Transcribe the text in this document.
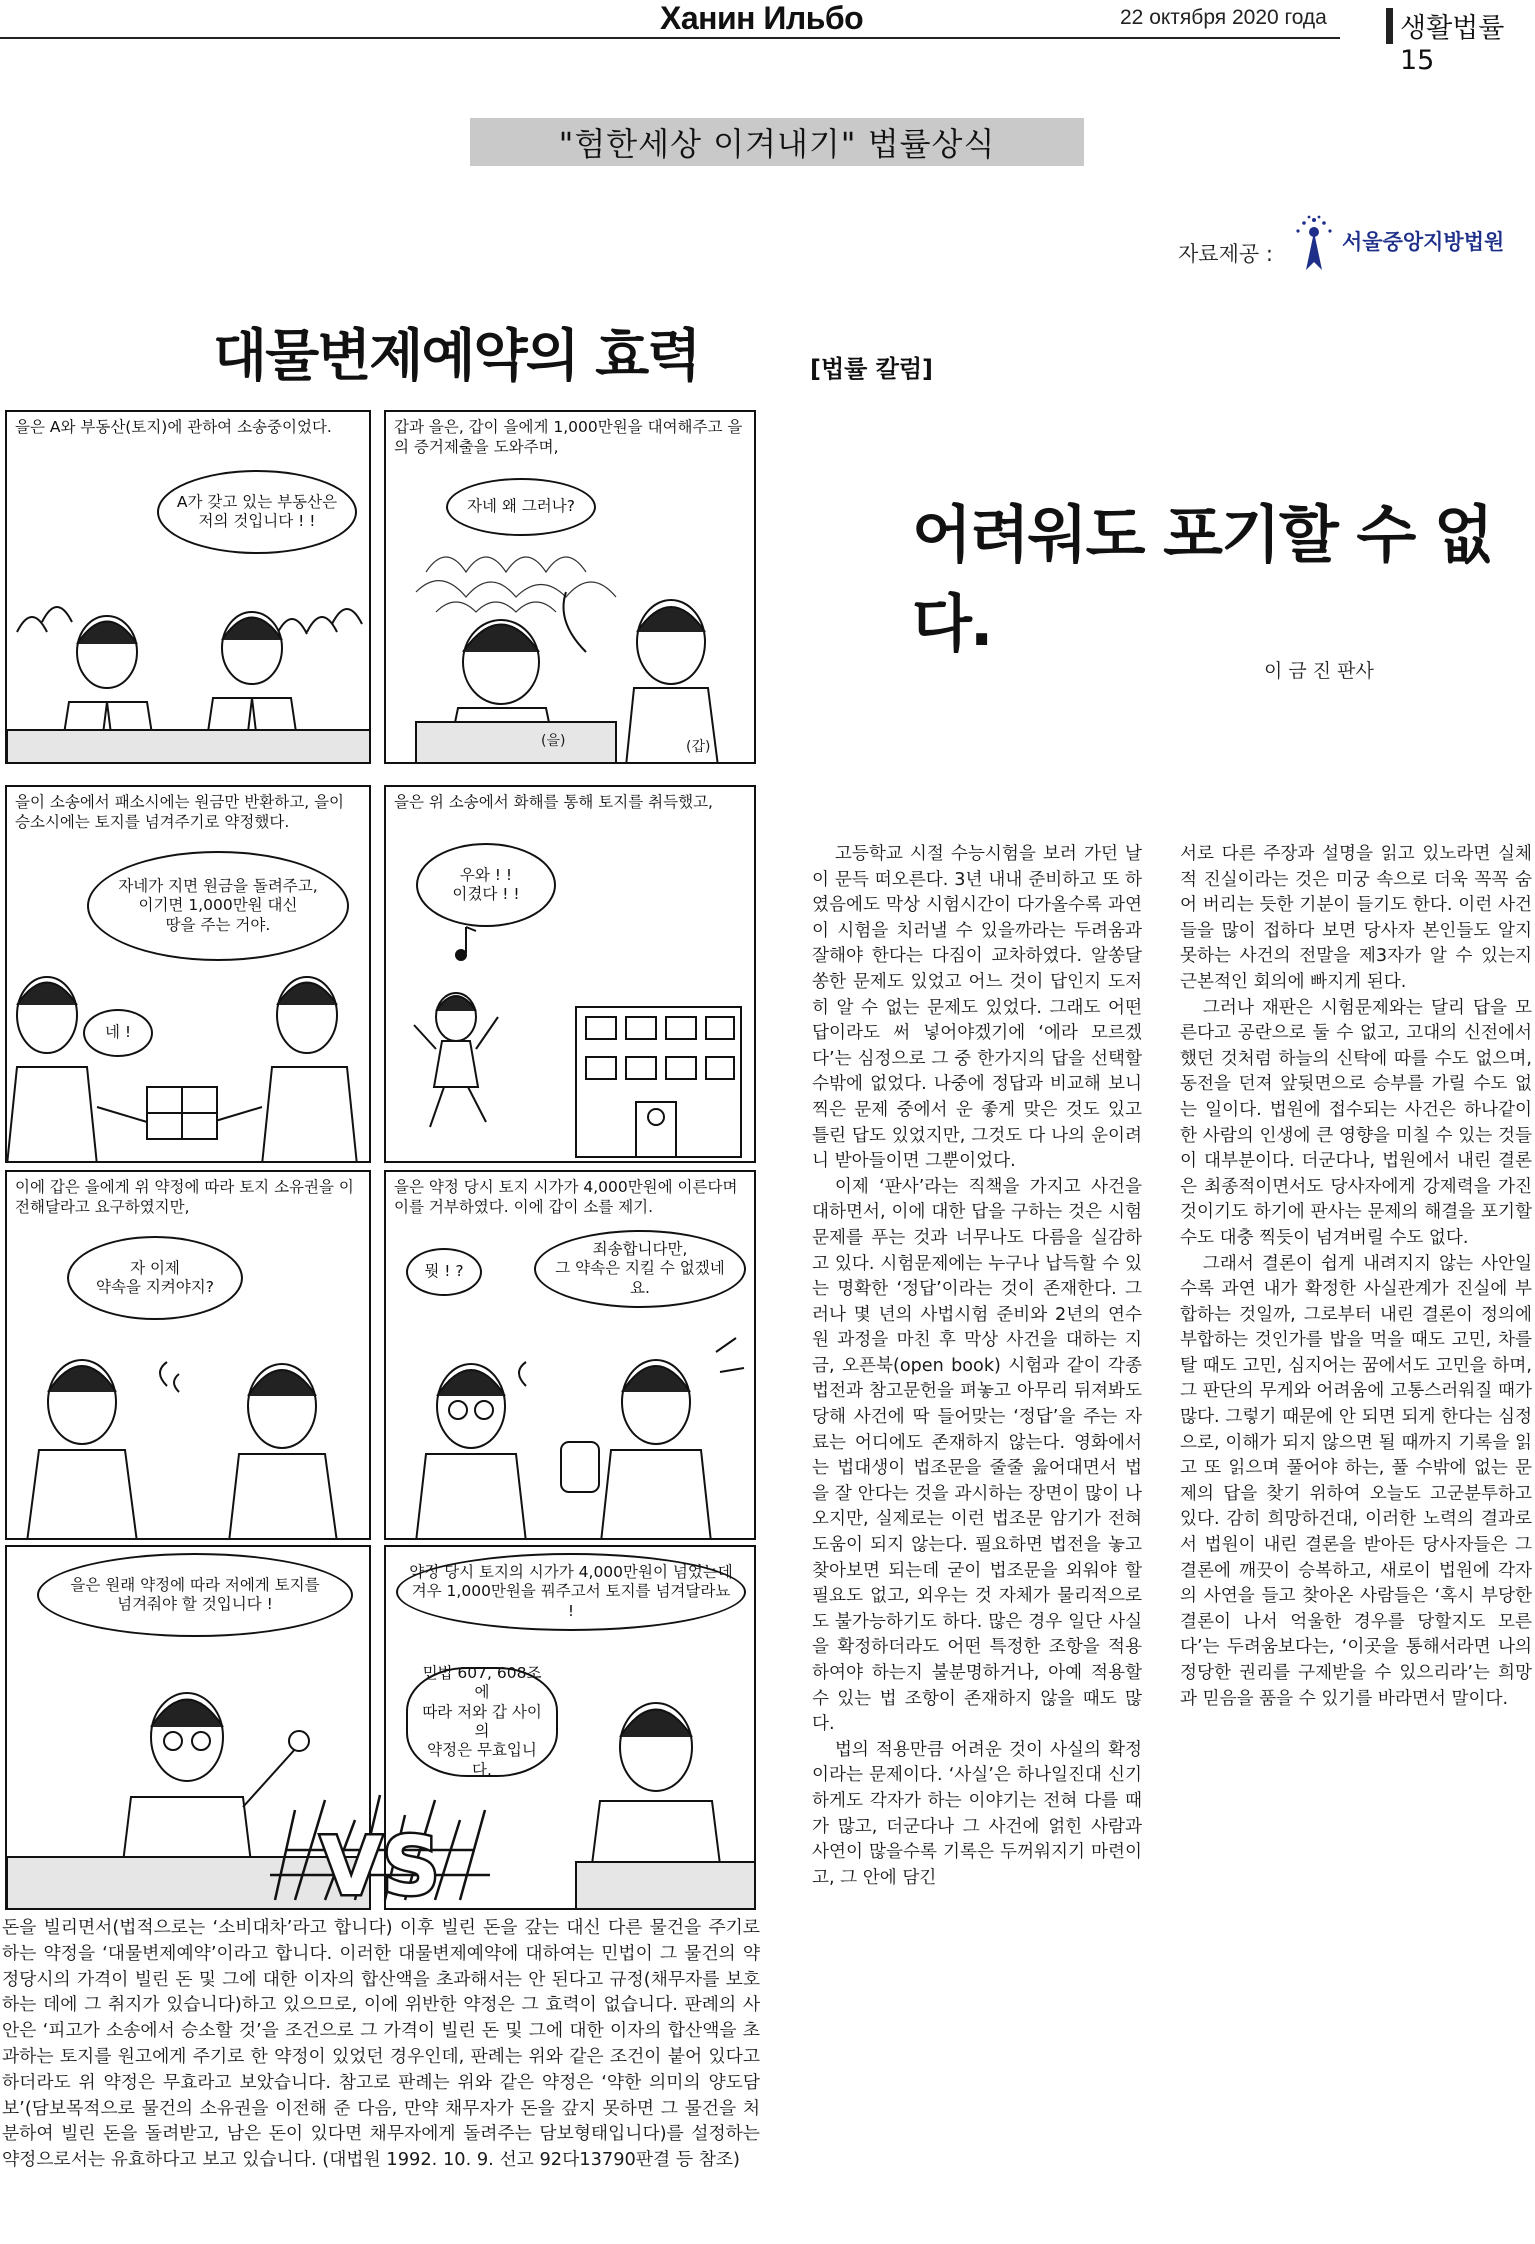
Ханин Ильбо	22 октября 2020 года	생활법률 15
"험한세상 이겨내기" 법률상식
자료제공 :	서울중앙지방법원
대물변제예약의 효력	[법률 칼럼]
어려워도 포기할 수 없다.
이 금 진 판사
을은 A와 부동산(토지)에 관하여 소송중이었다.
A가 갖고 있는 부동산은
저의 것입니다 ! !
갑과 을은, 갑이 을에게 1,000만원을 대여해주고 을의 증거제출을 도와주며,
자네 왜 그러나?
(을)	(갑)
을이 소송에서 패소시에는 원금만 반환하고, 을이 승소시에는 토지를 넘겨주기로 약정했다.
자네가 지면 원금을 돌려주고,
이기면 1,000만원 대신
땅을 주는 거야.
네 !
을은 위 소송에서 화해를 통해 토지를 취득했고,
우와 ! !
이겼다 ! !
이에 갑은 을에게 위 약정에 따라 토지 소유권을 이전해달라고 요구하였지만,
자 이제
약속을 지켜야지?
을은 약정 당시 토지 시가가 4,000만원에 이른다며 이를 거부하였다. 이에 갑이 소를 제기.
죄송합니다만,
그 약속은 지킬 수 없겠네요.
뭣 ! ?
을은 원래 약정에 따라 저에게 토지를
넘겨줘야 할 것입니다 !
약정 당시 토지의 시가가 4,000만원이 넘었는데
겨우 1,000만원을 꿔주고서 토지를 넘겨달라뇨 !
민법 607, 608조에
따라 저와 갑 사이의
약정은 무효입니다.
VS

돈을 빌리면서(법적으로는 ‘소비대차’라고 합니다) 이후 빌린 돈을 갚는 대신 다른 물건을 주기로 하는 약정을 ‘대물변제예약’이라고 합니다. 이러한 대물변제예약에 대하여는 민법이 그 물건의 약정당시의 가격이 빌린 돈 및 그에 대한 이자의 합산액을 초과해서는 안 된다고 규정(채무자를 보호하는 데에 그 취지가 있습니다)하고 있으므로, 이에 위반한 약정은 그 효력이 없습니다. 판례의 사안은 ‘피고가 소송에서 승소할 것’을 조건으로 그 가격이 빌린 돈 및 그에 대한 이자의 합산액을 초과하는 토지를 원고에게 주기로 한 약정이 있었던 경우인데, 판례는 위와 같은 조건이 붙어 있다고 하더라도 위 약정은 무효라고 보았습니다. 참고로 판례는 위와 같은 약정은 ‘약한 의미의 양도담보’(담보목적으로 물건의 소유권을 이전해 준 다음, 만약 채무자가 돈을 갚지 못하면 그 물건을 처분하여 빌린 돈을 돌려받고, 남은 돈이 있다면 채무자에게 돌려주는 담보형태입니다)를 설정하는 약정으로서는 유효하다고 보고 있습니다. (대법원 1992. 10. 9. 선고 92다13790판결 등 참조)

고등학교 시절 수능시험을 보러 가던 날이 문득 떠오른다. 3년 내내 준비하고 또 하였음에도 막상 시험시간이 다가올수록 과연 이 시험을 치러낼 수 있을까라는 두려움과 잘해야 한다는 다짐이 교차하였다. 알쏭달쏭한 문제도 있었고 어느 것이 답인지 도저히 알 수 없는 문제도 있었다. 그래도 어떤 답이라도 써 넣어야겠기에 ‘에라 모르겠다’는 심정으로 그 중 한가지의 답을 선택할 수밖에 없었다. 나중에 정답과 비교해 보니 찍은 문제 중에서 운 좋게 맞은 것도 있고 틀린 답도 있었지만, 그것도 다 나의 운이려니 받아들이면 그뿐이었다.

이제 ‘판사’라는 직책을 가지고 사건을 대하면서, 이에 대한 답을 구하는 것은 시험문제를 푸는 것과 너무나도 다름을 실감하고 있다. 시험문제에는 누구나 납득할 수 있는 명확한 ‘정답’이라는 것이 존재한다. 그러나 몇 년의 사법시험 준비와 2년의 연수원 과정을 마친 후 막상 사건을 대하는 지금, 오픈북(open book) 시험과 같이 각종 법전과 참고문헌을 펴놓고 아무리 뒤져봐도 당해 사건에 딱 들어맞는 ‘정답’을 주는 자료는 어디에도 존재하지 않는다. 영화에서는 법대생이 법조문을 줄줄 읊어대면서 법을 잘 안다는 것을 과시하는 장면이 많이 나오지만, 실제로는 이런 법조문 암기가 전혀 도움이 되지 않는다. 필요하면 법전을 놓고 찾아보면 되는데 굳이 법조문을 외워야 할 필요도 없고, 외우는 것 자체가 물리적으로도 불가능하기도 하다. 많은 경우 일단 사실을 확정하더라도 어떤 특정한 조항을 적용하여야 하는지 불분명하거나, 아예 적용할 수 있는 법 조항이 존재하지 않을 때도 많다.

법의 적용만큼 어려운 것이 사실의 확정이라는 문제이다. ‘사실’은 하나일진대 신기하게도 각자가 하는 이야기는 전혀 다를 때가 많고, 더군다나 그 사건에 얽힌 사람과 사연이 많을수록 기록은 두꺼워지기 마련이고, 그 안에 담긴

서로 다른 주장과 설명을 읽고 있노라면 실체적 진실이라는 것은 미궁 속으로 더욱 꼭꼭 숨어 버리는 듯한 기분이 들기도 한다. 이런 사건들을 많이 접하다 보면 당사자 본인들도 알지 못하는 사건의 전말을 제3자가 알 수 있는지 근본적인 회의에 빠지게 된다.

그러나 재판은 시험문제와는 달리 답을 모른다고 공란으로 둘 수 없고, 고대의 신전에서 했던 것처럼 하늘의 신탁에 따를 수도 없으며, 동전을 던져 앞뒷면으로 승부를 가릴 수도 없는 일이다. 법원에 접수되는 사건은 하나같이 한 사람의 인생에 큰 영향을 미칠 수 있는 것들이 대부분이다. 더군다나, 법원에서 내린 결론은 최종적이면서도 당사자에게 강제력을 가진 것이기도 하기에 판사는 문제의 해결을 포기할 수도 대충 찍듯이 넘겨버릴 수도 없다.

그래서 결론이 쉽게 내려지지 않는 사안일수록 과연 내가 확정한 사실관계가 진실에 부합하는 것일까, 그로부터 내린 결론이 정의에 부합하는 것인가를 밥을 먹을 때도 고민, 차를 탈 때도 고민, 심지어는 꿈에서도 고민을 하며, 그 판단의 무게와 어려움에 고통스러워질 때가 많다. 그렇기 때문에 안 되면 되게 한다는 심정으로, 이해가 되지 않으면 될 때까지 기록을 읽고 또 읽으며 풀어야 하는, 풀 수밖에 없는 문제의 답을 찾기 위하여 오늘도 고군분투하고 있다. 감히 희망하건대, 이러한 노력의 결과로서 법원이 내린 결론을 받아든 당사자들은 그 결론에 깨끗이 승복하고, 새로이 법원에 각자의 사연을 들고 찾아온 사람들은 ‘혹시 부당한 결론이 나서 억울한 경우를 당할지도 모른다’는 두려움보다는, ‘이곳을 통해서라면 나의 정당한 권리를 구제받을 수 있으리라’는 희망과 믿음을 품을 수 있기를 바라면서 말이다.
